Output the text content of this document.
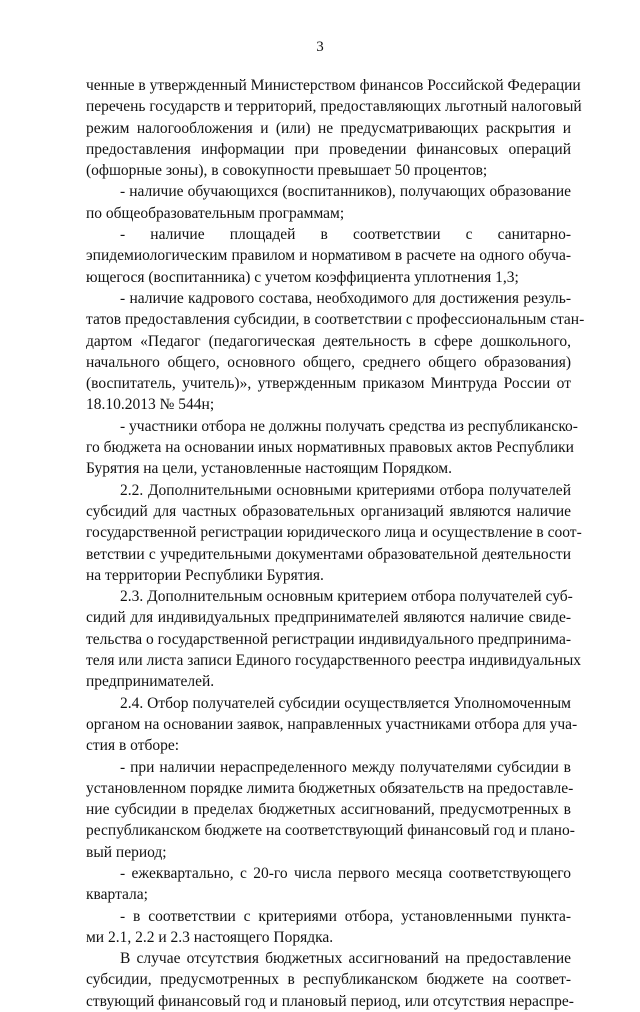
3
ченные в утвержденный Министерством финансов Российской Федерации
перечень государств и территорий, предоставляющих льготный налоговый
режим налогообложения и (или) не предусматривающих раскрытия и
предоставления информации при проведении финансовых операций
(офшорные зоны), в совокупности превышает 50 процентов;
- наличие обучающихся (воспитанников), получающих образование
по общеобразовательным программам;
- наличие площадей в соответствии с санитарно-
эпидемиологическим правилом и нормативом в расчете на одного обуча-
ющегося (воспитанника) с учетом коэффициента уплотнения 1,3;
- наличие кадрового состава, необходимого для достижения резуль-
татов предоставления субсидии, в соответствии с профессиональным стан-
дартом «Педагог (педагогическая деятельность в сфере дошкольного,
начального общего, основного общего, среднего общего образования)
(воспитатель, учитель)», утвержденным приказом Минтруда России от
18.10.2013 № 544н;
- участники отбора не должны получать средства из республиканско-
го бюджета на основании иных нормативных правовых актов Республики
Бурятия на цели, установленные настоящим Порядком.
2.2. Дополнительными основными критериями отбора получателей
субсидий для частных образовательных организаций являются наличие
государственной регистрации юридического лица и осуществление в соот-
ветствии с учредительными документами образовательной деятельности
на территории Республики Бурятия.
2.3. Дополнительным основным критерием отбора получателей суб-
сидий для индивидуальных предпринимателей являются наличие свиде-
тельства о государственной регистрации индивидуального предпринима-
теля или листа записи Единого государственного реестра индивидуальных
предпринимателей.
2.4. Отбор получателей субсидии осуществляется Уполномоченным
органом на основании заявок, направленных участниками отбора для уча-
стия в отборе:
- при наличии нераспределенного между получателями субсидии в
установленном порядке лимита бюджетных обязательств на предоставле-
ние субсидии в пределах бюджетных ассигнований, предусмотренных в
республиканском бюджете на соответствующий финансовый год и плано-
вый период;
- ежеквартально, с 20-го числа первого месяца соответствующего
квартала;
- в соответствии с критериями отбора, установленными пункта-
ми 2.1, 2.2 и 2.3 настоящего Порядка.
В случае отсутствия бюджетных ассигнований на предоставление
субсидии, предусмотренных в республиканском бюджете на соответ-
ствующий финансовый год и плановый период, или отсутствия нераспре-
